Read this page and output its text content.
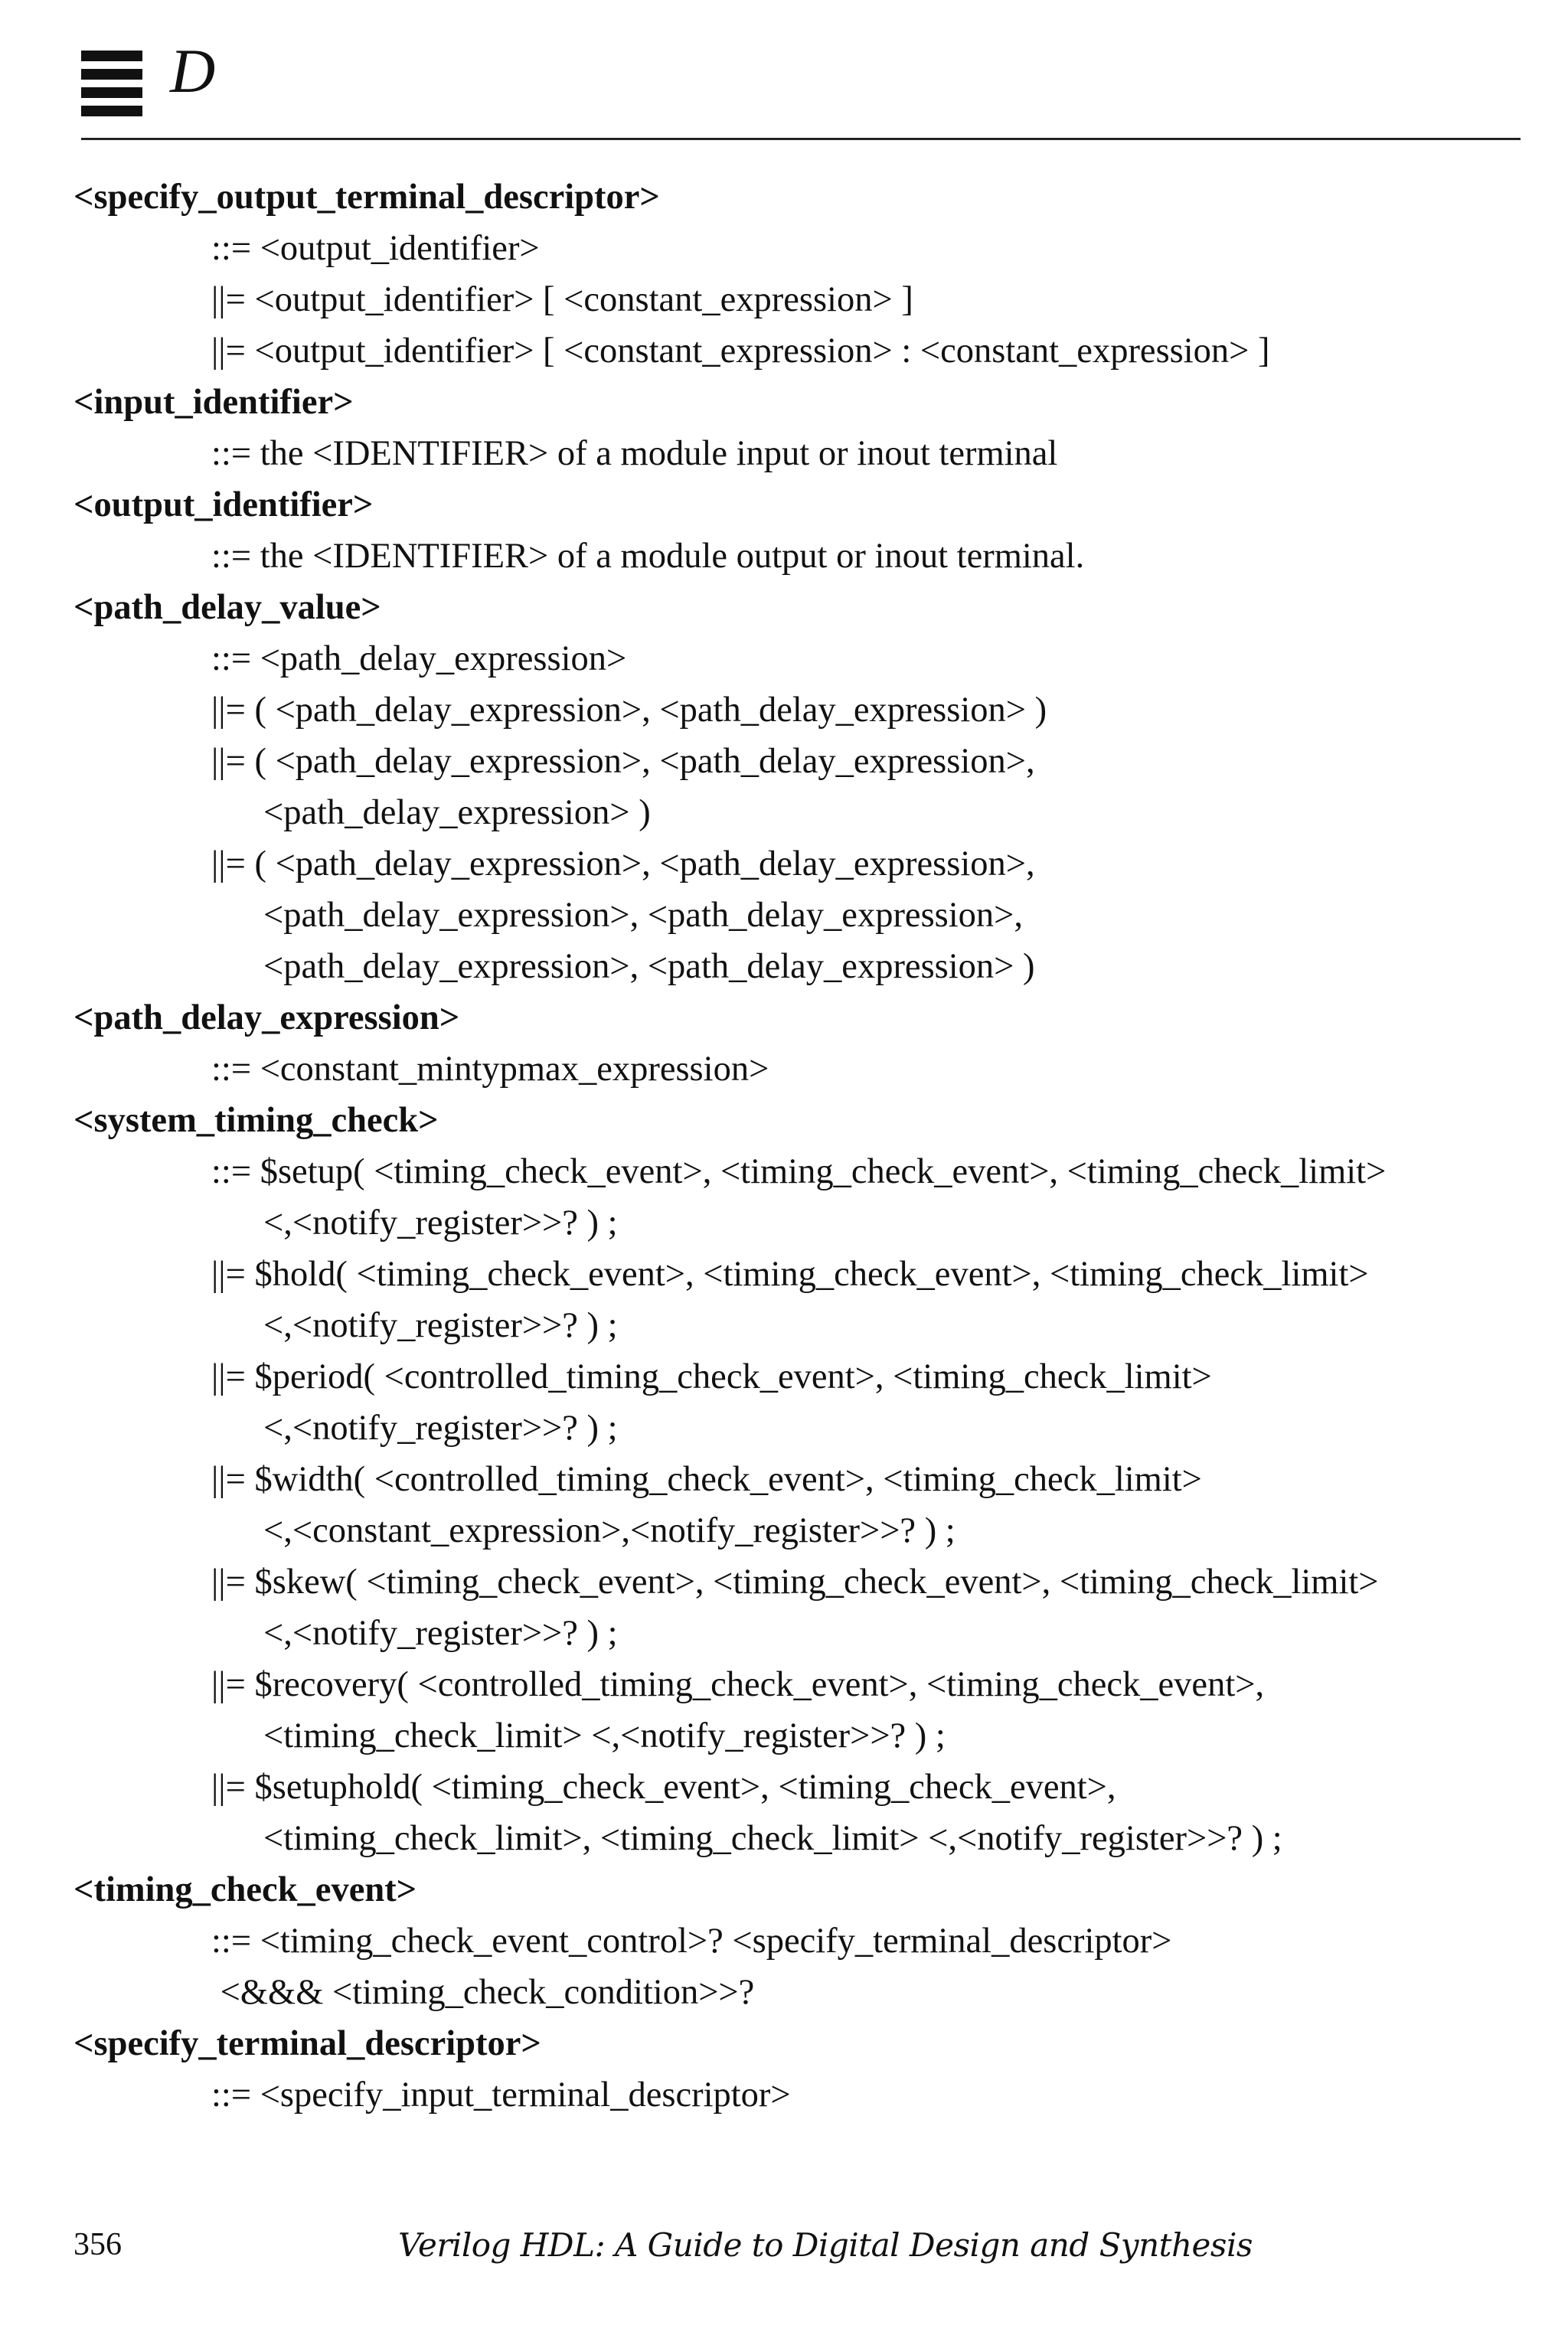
D
<specify_output_terminal_descriptor>
::= <output_identifier>
||= <output_identifier> [ <constant_expression> ]
||= <output_identifier> [ <constant_expression> : <constant_expression> ]
<input_identifier>
::= the <IDENTIFIER> of a module input or inout terminal
<output_identifier>
::= the <IDENTIFIER> of a module output or inout terminal.
<path_delay_value>
::= <path_delay_expression>
||= ( <path_delay_expression>, <path_delay_expression> )
||= ( <path_delay_expression>, <path_delay_expression>,
<path_delay_expression> )
||= ( <path_delay_expression>, <path_delay_expression>,
<path_delay_expression>, <path_delay_expression>,
<path_delay_expression>, <path_delay_expression> )
<path_delay_expression>
::= <constant_mintypmax_expression>
<system_timing_check>
::= $setup( <timing_check_event>, <timing_check_event>, <timing_check_limit>
<,<notify_register>>? ) ;
||= $hold( <timing_check_event>, <timing_check_event>, <timing_check_limit>
<,<notify_register>>? ) ;
||= $period( <controlled_timing_check_event>, <timing_check_limit>
<,<notify_register>>? ) ;
||= $width( <controlled_timing_check_event>, <timing_check_limit>
<,<constant_expression>,<notify_register>>? ) ;
||= $skew( <timing_check_event>, <timing_check_event>, <timing_check_limit>
<,<notify_register>>? ) ;
||= $recovery( <controlled_timing_check_event>, <timing_check_event>,
<timing_check_limit> <,<notify_register>>? ) ;
||= $setuphold( <timing_check_event>, <timing_check_event>,
<timing_check_limit>, <timing_check_limit> <,<notify_register>>? ) ;
<timing_check_event>
::= <timing_check_event_control>? <specify_terminal_descriptor>
<&&& <timing_check_condition>>?
<specify_terminal_descriptor>
::= <specify_input_terminal_descriptor>
356	Verilog HDL: A Guide to Digital Design and Synthesis
